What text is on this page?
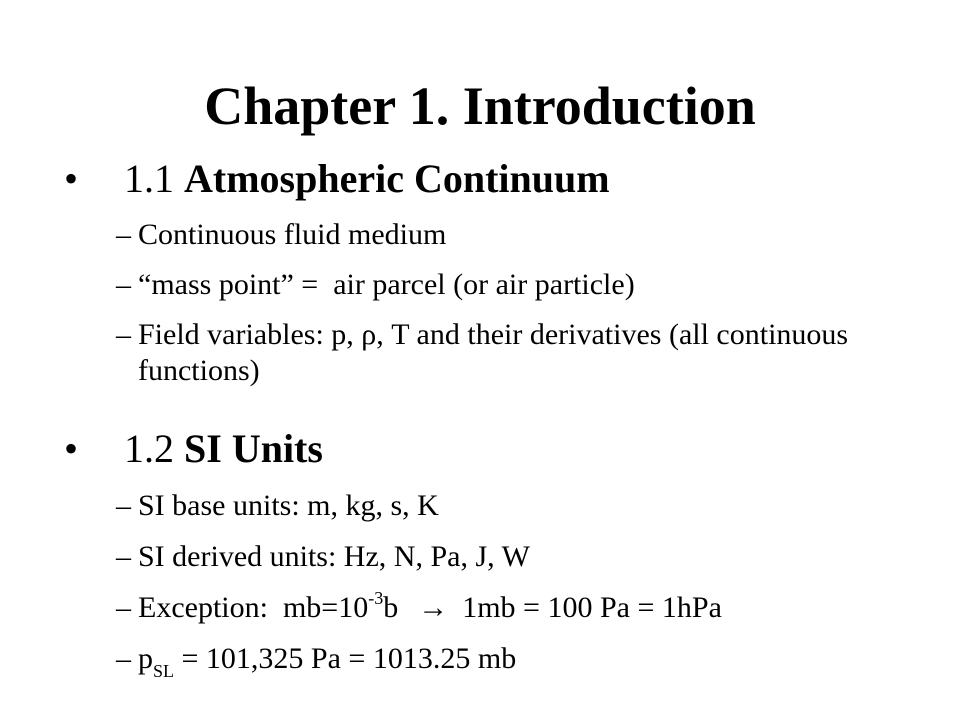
Chapter 1. Introduction
•	1.1 Atmospheric Continuum
– Continuous fluid medium
– “mass point” =  air parcel (or air particle)
– Field variables: p, ρ, T and their derivatives (all continuous functions)
•	1.2 SI Units
– SI base units: m, kg, s, K
– SI derived units: Hz, N, Pa, J, W
– Exception:  $mb=10^{-3}b \to 1mb = 100$ Pa = 1hPa
– $p_{SL} = 101,325$ Pa = 1013.25 mb
